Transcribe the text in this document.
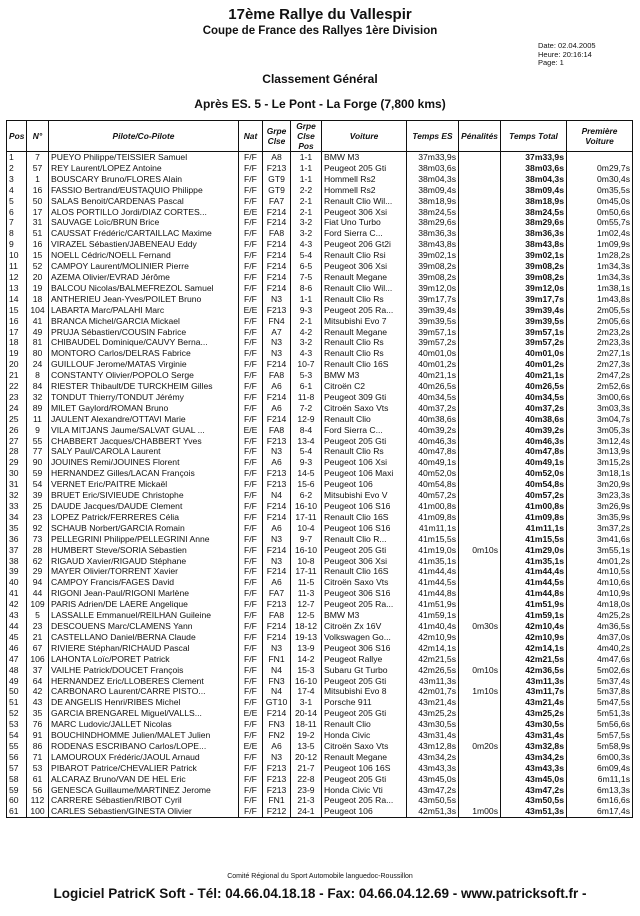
17ème Rallye du Vallespir
Coupe de France des Rallyes 1ère Division
Date: 02.04.2005
Heure: 20:16:14
Page: 1
Classement Général
Après ES. 5 - Le Pont - La Forge (7,800 kms)
Pos	N°	Pilote/Co-Pilote	Nat	Grpe Clse	Grpe Clse Pos	Voiture	Temps ES	Pénalités	Temps Total	Première Voiture
1	7	PUEYO Philippe/TEISSIER Samuel	F/F	A8	1-1	BMW M3	37m33,9s		37m33,9s	
2	57	REY Laurent/LOPEZ Antoine	F/F	F213	1-1	Peugeot 205 Gti	38m03,6s		38m03,6s	0m29,7s
3	1	BOUSCARY Bruno/FLORES Alain	F/F	GT9	1-1	Hommell Rs2	38m04,3s		38m04,3s	0m30,4s
4	16	FASSIO Bertrand/EUSTAQUIO Philippe	F/F	GT9	2-2	Hommell Rs2	38m09,4s		38m09,4s	0m35,5s
5	50	SALAS Benoit/CARDENAS Pascal	F/F	FA7	2-1	Renault Clio Wil...	38m18,9s		38m18,9s	0m45,0s
6	17	ALOS PORTILLO Jordi/DIAZ CORTES...	E/E	F214	2-1	Peugeot 306 Xsi	38m24,5s		38m24,5s	0m50,6s
7	31	SAUVAGE Loïc/BRUN Brice	F/F	F214	3-2	Fiat Uno Turbo	38m29,6s		38m29,6s	0m55,7s
8	51	CAUSSAT Frédéric/CARTAILLAC Maxime	F/F	FA8	3-2	Ford Sierra C...	38m36,3s		38m36,3s	1m02,4s
9	16	VIRAZEL Sébastien/JABENEAU Eddy	F/F	F214	4-3	Peugeot 206 Gt2i	38m43,8s		38m43,8s	1m09,9s
10	15	NOELL Cédric/NOELL Fernand	F/F	F214	5-4	Renault Clio Rsi	39m02,1s		39m02,1s	1m28,2s
11	52	CAMPOY Laurent/MOLINIER Pierre	F/F	F214	6-5	Peugeot 306 Xsi	39m08,2s		39m08,2s	1m34,3s
12	20	AZEMA Olivier/EVRAD Jérôme	F/F	F214	7-5	Renault Megane	39m08,2s		39m08,2s	1m34,3s
13	19	BALCOU Nicolas/BALMEFREZOL Samuel	F/F	F214	8-6	Renault Clio Wil...	39m12,0s		39m12,0s	1m38,1s
14	18	ANTHERIEU Jean-Yves/POILET Bruno	F/F	N3	1-1	Renault Clio Rs	39m17,7s		39m17,7s	1m43,8s
15	104	LABARTA Marc/PALAHI Marc	E/E	F213	9-3	Peugeot 205 Ra...	39m39,4s		39m39,4s	2m05,5s
16	41	BRANCA Michel/GARCIA Mickael	F/F	FN4	2-1	Mitsubishi Evo 7	39m39,5s		39m39,5s	2m05,6s
17	49	PRUJA Sébastien/COUSIN Fabrice	F/F	A7	4-2	Renault Megane	39m57,1s		39m57,1s	2m23,2s
18	81	CHIBAUDEL Dominique/CAUVY Berna...	F/F	N3	3-2	Renault Clio Rs	39m57,2s		39m57,2s	2m23,3s
19	80	MONTORO Carlos/DELRAS Fabrice	F/F	N3	4-3	Renault Clio Rs	40m01,0s		40m01,0s	2m27,1s
20	24	GUILLOUF Jerome/MATAS Virginie	F/F	F214	10-7	Renault Clio 16S	40m01,2s		40m01,2s	2m27,3s
21	8	CONSTANTY Olivier/POPOLO Serge	F/F	FA8	5-3	BMW M3	40m21,1s		40m21,1s	2m47,2s
22	84	RIESTER Thibault/DE TURCKHEIM Gilles	F/F	A6	6-1	Citroën C2	40m26,5s		40m26,5s	2m52,6s
23	32	TONDUT Thierry/TONDUT Jérémy	F/F	F214	11-8	Peugeot 309 Gti	40m34,5s		40m34,5s	3m00,6s
24	89	MILET Gaylord/ROMAN Bruno	F/F	A6	7-2	Citroën Saxo Vts	40m37,2s		40m37,2s	3m03,3s
25	11	JAULENT Alexandre/OTTAVI Marie	F/F	F214	12-9	Renault Clio	40m38,6s		40m38,6s	3m04,7s
26	9	VILA MITJANS Jaume/SALVAT GUAL ...	E/E	FA8	8-4	Ford Sierra C...	40m39,2s		40m39,2s	3m05,3s
27	55	CHABBERT Jacques/CHABBERT Yves	F/F	F213	13-4	Peugeot 205 Gti	40m46,3s		40m46,3s	3m12,4s
28	77	SALY Paul/CAROLA Laurent	F/F	N3	5-4	Renault Clio Rs	40m47,8s		40m47,8s	3m13,9s
29	90	JOUINES Remi/JOUINES Florent	F/F	A6	9-3	Peugeot 106 Xsi	40m49,1s		40m49,1s	3m15,2s
30	59	HERNANDEZ Gilles/LACAN François	F/F	F213	14-5	Peugeot 106 Maxi	40m52,0s		40m52,0s	3m18,1s
31	54	VERNET Eric/PAITRE Mickaël	F/F	F213	15-6	Peugeot 106	40m54,8s		40m54,8s	3m20,9s
32	39	BRUET Eric/SIVIEUDE Christophe	F/F	N4	6-2	Mitsubishi Evo V	40m57,2s		40m57,2s	3m23,3s
33	25	DAUDE Jacques/DAUDE Clement	F/F	F214	16-10	Peugeot 106 S16	41m00,8s		41m00,8s	3m26,9s
34	23	LOPEZ Patrick/FERRERES Célia	F/F	F214	17-11	Renault Clio 16S	41m09,8s		41m09,8s	3m35,9s
35	92	SCHAUB Norbert/GARCIA Romain	F/F	A6	10-4	Peugeot 106 S16	41m11,1s		41m11,1s	3m37,2s
36	73	PELLEGRINI Philippe/PELLEGRINI Anne	F/F	N3	9-7	Renault Clio R...	41m15,5s		41m15,5s	3m41,6s
37	28	HUMBERT Steve/SORIA Sébastien	F/F	F214	16-10	Peugeot 205 Gti	41m19,0s	0m10s	41m29,0s	3m55,1s
38	62	RIGAUD Xavier/RIGAUD Stéphane	F/F	N3	10-8	Peugeot 306 Xsi	41m35,1s		41m35,1s	4m01,2s
39	29	MAYER Olivier/TORRENT Xavier	F/F	F214	17-11	Renault Clio 16S	41m44,4s		41m44,4s	4m10,5s
40	94	CAMPOY Francis/FAGES David	F/F	A6	11-5	Citroën Saxo Vts	41m44,5s		41m44,5s	4m10,6s
41	44	RIGONI Jean-Paul/RIGONI Marlène	F/F	FA7	11-3	Peugeot 306 S16	41m44,8s		41m44,8s	4m10,9s
42	109	PARIS Adrien/DE LAERE Angelique	F/F	F213	12-7	Peugeot 205 Ra...	41m51,9s		41m51,9s	4m18,0s
43	5	LASSALLE Emmanuel/REILHAN Guileine	F/F	FA8	12-5	BMW M3	41m59,1s		41m59,1s	4m25,2s
44	23	DESCOUENS Marc/CLAMENS Yann	F/F	F214	18-12	Citroën Zx 16V	41m40,4s	0m30s	42m10,4s	4m36,5s
45	21	CASTELLANO Daniel/BERNA Claude	F/F	F214	19-13	Volkswagen Go...	42m10,9s		42m10,9s	4m37,0s
46	67	RIVIERE Stéphan/RICHAUD Pascal	F/F	N3	13-9	Peugeot 306 S16	42m14,1s		42m14,1s	4m40,2s
47	106	LAHONTA Loïc/PORET Patrick	F/F	FN1	14-2	Peugeot Rallye	42m21,5s		42m21,5s	4m47,6s
48	37	VAILHE Patrick/DOUCET François	F/F	N4	15-3	Subaru Gt Turbo	42m26,5s	0m10s	42m36,5s	5m02,6s
49	64	HERNANDEZ Eric/LLOBERES Clement	F/F	FN3	16-10	Peugeot 205 Gti	43m11,3s		43m11,3s	5m37,4s
50	42	CARBONARO Laurent/CARRE PISTO...	F/F	N4	17-4	Mitsubishi Evo 8	42m01,7s	1m10s	43m11,7s	5m37,8s
51	43	DE ANGELIS Henri/RIBES Michel	F/F	GT10	3-1	Porsche 911	43m21,4s		43m21,4s	5m47,5s
52	35	GARCIA BRENGAREL Miguel/VALLS...	E/E	F214	20-14	Peugeot 205 Gti	43m25,2s		43m25,2s	5m51,3s
53	76	MARC Ludovic/JALLET Nicolas	F/F	FN3	18-11	Renault Clio	43m30,5s		43m30,5s	5m56,6s
54	91	BOUCHINDHOMME Julien/MALET Julien	F/F	FN2	19-2	Honda Civic	43m31,4s		43m31,4s	5m57,5s
55	86	RODENAS ESCRIBANO Carlos/LOPE...	E/E	A6	13-5	Citroën Saxo Vts	43m12,8s	0m20s	43m32,8s	5m58,9s
56	71	LAMOUROUX Frédéric/JAOUL Arnaud	F/F	N3	20-12	Renault Megane	43m34,2s		43m34,2s	6m00,3s
57	53	PIBAROT Patrice/CHEVALIER Patrick	F/F	F213	21-7	Peugeot 106 16S	43m43,3s		43m43,3s	6m09,4s
58	61	ALCARAZ Bruno/VAN DE HEL Eric	F/F	F213	22-8	Peugeot 205 Gti	43m45,0s		43m45,0s	6m11,1s
59	56	GENESCA Guillaume/MARTINEZ Jerome	F/F	F213	23-9	Honda Civic Vti	43m47,2s		43m47,2s	6m13,3s
60	112	CARRERE Sébastien/RIBOT Cyril	F/F	FN1	21-3	Peugeot 205 Ra...	43m50,5s		43m50,5s	6m16,6s
61	100	CARLES Sébastien/GINESTA Olivier	F/F	F212	24-1	Peugeot 106	42m51,3s	1m00s	43m51,3s	6m17,4s
Comité Régional du Sport Automobile languedoc-Roussillon
Logiciel PatricK Soft - Tél: 04.66.04.18.18 - Fax: 04.66.04.12.69 - www.patricksoft.fr -
